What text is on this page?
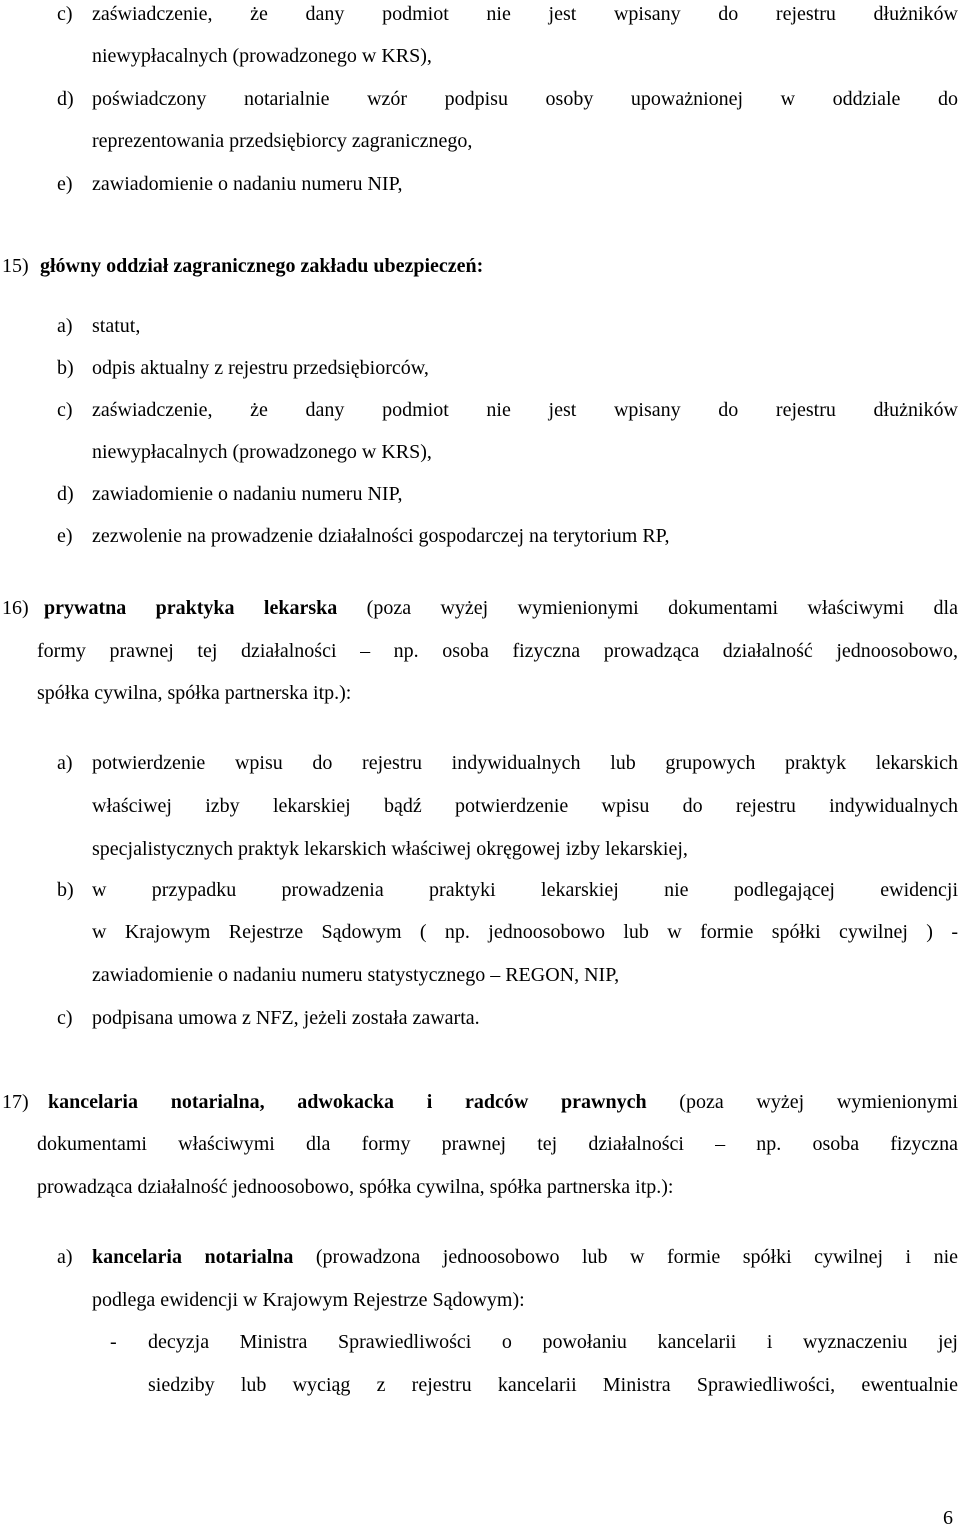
c) zaświadczenie, że dany podmiot nie jest wpisany do rejestru dłużników
niewypłacalnych (prowadzonego w KRS),
d) poświadczony notarialnie wzór podpisu osoby upoważnionej w oddziale do
reprezentowania przedsiębiorcy zagranicznego,
e) zawiadomienie o nadaniu numeru NIP,
15) główny oddział zagranicznego zakładu ubezpieczeń:
a) statut,
b) odpis aktualny z rejestru przedsiębiorców,
c) zaświadczenie, że dany podmiot nie jest wpisany do rejestru dłużników
niewypłacalnych (prowadzonego w KRS),
d) zawiadomienie o nadaniu numeru NIP,
e) zezwolenie na prowadzenie działalności gospodarczej na terytorium RP,
16) prywatna praktyka lekarska (poza wyżej wymienionymi dokumentami właściwymi dla
formy prawnej tej działalności – np. osoba fizyczna prowadząca działalność jednoosobowo,
spółka cywilna, spółka partnerska itp.):
a) potwierdzenie wpisu do rejestru indywidualnych lub grupowych praktyk lekarskich
właściwej izby lekarskiej bądź potwierdzenie wpisu do rejestru indywidualnych
specjalistycznych praktyk lekarskich właściwej okręgowej izby lekarskiej,
b) w przypadku prowadzenia praktyki lekarskiej nie podlegającej ewidencji
w Krajowym Rejestrze Sądowym ( np. jednoosobowo lub w formie spółki cywilnej ) -
zawiadomienie o nadaniu numeru statystycznego – REGON, NIP,
c) podpisana umowa z NFZ, jeżeli została zawarta.
17) kancelaria notarialna, adwokacka i radców prawnych (poza wyżej wymienionymi
dokumentami właściwymi dla formy prawnej tej działalności – np. osoba fizyczna
prowadząca działalność jednoosobowo, spółka cywilna, spółka partnerska itp.):
a) kancelaria notarialna (prowadzona jednoosobowo lub w formie spółki cywilnej i nie
podlega ewidencji w Krajowym Rejestrze Sądowym):
- decyzja Ministra Sprawiedliwości o powołaniu kancelarii i wyznaczeniu jej
siedziby lub wyciąg z rejestru kancelarii Ministra Sprawiedliwości, ewentualnie
6
